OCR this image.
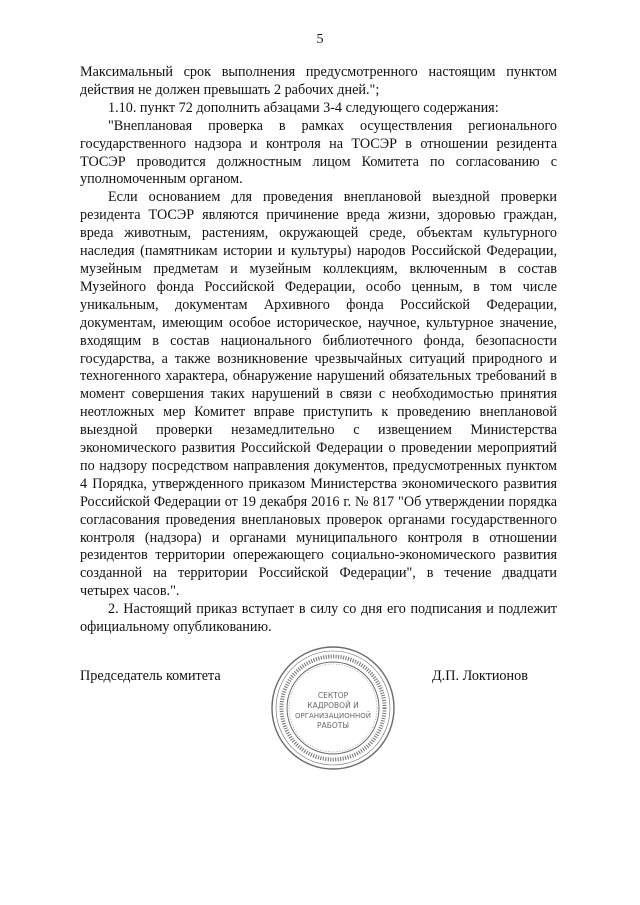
5

Максимальный срок выполнения предусмотренного настоящим пунктом действия не должен превышать 2 рабочих дней.";

1.10. пункт 72 дополнить абзацами 3-4 следующего содержания:

"Внеплановая проверка в рамках осуществления регионального государственного надзора и контроля на ТОСЭР в отношении резидента ТОСЭР проводится должностным лицом Комитета по согласованию с уполномоченным органом.

Если основанием для проведения внеплановой выездной проверки резидента ТОСЭР являются причинение вреда жизни, здоровью граждан, вреда животным, растениям, окружающей среде, объектам культурного наследия (памятникам истории и культуры) народов Российской Федерации, музейным предметам и музейным коллекциям, включенным в состав Музейного фонда Российской Федерации, особо ценным, в том числе уникальным, документам Архивного фонда Российской Федерации, документам, имеющим особое историческое, научное, культурное значение, входящим в состав национального библиотечного фонда, безопасности государства, а также возникновение чрезвычайных ситуаций природного и техногенного характера, обнаружение нарушений обязательных требований в момент совершения таких нарушений в связи с необходимостью принятия неотложных мер Комитет вправе приступить к проведению внеплановой выездной проверки незамедлительно с извещением Министерства экономического развития Российской Федерации о проведении мероприятий по надзору посредством направления документов, предусмотренных пунктом 4 Порядка, утвержденного приказом Министерства экономического развития Российской Федерации от 19 декабря 2016 г. № 817 "Об утверждении порядка согласования проведения внеплановых проверок органами государственного контроля (надзора) и органами муниципального контроля в отношении резидентов территории опережающего социально-экономического развития созданной на территории Российской Федерации", в течение двадцати четырех часов.".

2. Настоящий приказ вступает в силу со дня его подписания и подлежит официальному опубликованию.

Председатель комитета	Д.П. Локтионов
СЕКТОР
КАДРОВОЙ И
ОРГАНИЗАЦИОННОЙ
РАБОТЫ
